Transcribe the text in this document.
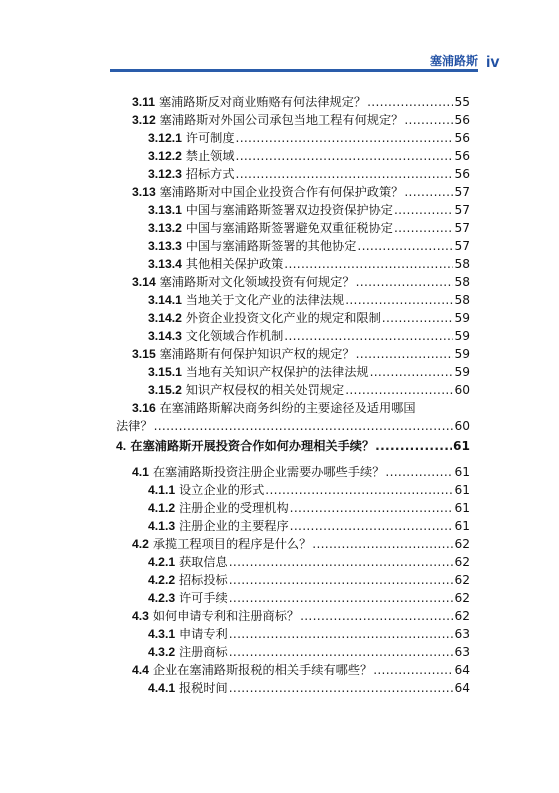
塞浦路斯 iv
3.11 塞浦路斯反对商业贿赂有何法律规定？ .....	55
3.12 塞浦路斯对外国公司承包当地工程有何规定？ .....	56
3.12.1 许可制度 .....	56
3.12.2 禁止领域 .....	56
3.12.3 招标方式 .....	56
3.13 塞浦路斯对中国企业投资合作有何保护政策？ .....	57
3.13.1 中国与塞浦路斯签署双边投资保护协定 .....	57
3.13.2 中国与塞浦路斯签署避免双重征税协定 .....	57
3.13.3 中国与塞浦路斯签署的其他协定 .....	57
3.13.4 其他相关保护政策 .....	58
3.14 塞浦路斯对文化领域投资有何规定？ .....	58
3.14.1 当地关于文化产业的法律法规 .....	58
3.14.2 外资企业投资文化产业的规定和限制 .....	59
3.14.3 文化领域合作机制 .....	59
3.15 塞浦路斯有何保护知识产权的规定？ .....	59
3.15.1 当地有关知识产权保护的法律法规 .....	59
3.15.2 知识产权侵权的相关处罚规定 .....	60
3.16 在塞浦路斯解决商务纠纷的主要途径及适用哪国
法律？ .....	60
4. 在塞浦路斯开展投资合作如何办理相关手续？ .....	61
4.1 在塞浦路斯投资注册企业需要办哪些手续？ .....	61
4.1.1 设立企业的形式 .....	61
4.1.2 注册企业的受理机构 .....	61
4.1.3 注册企业的主要程序 .....	61
4.2 承揽工程项目的程序是什么？ .....	62
4.2.1 获取信息 .....	62
4.2.2 招标投标 .....	62
4.2.3 许可手续 .....	62
4.3 如何申请专利和注册商标？ .....	62
4.3.1 申请专利 .....	63
4.3.2 注册商标 .....	63
4.4 企业在塞浦路斯报税的相关手续有哪些？ .....	64
4.4.1 报税时间 .....	64
